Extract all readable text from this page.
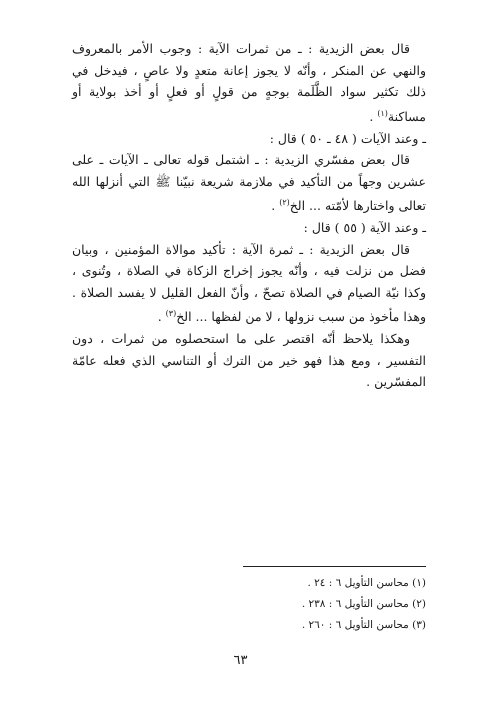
قال بعض الزيدية : ـ من ثمرات الآية : وجوب الأمر بالمعروف والنهي عن المنكر ، وأنّه لا يجوز إعانة متعدٍ ولا عاصٍ ، فيدخل في ذلك تكثير سواد الظَّلَمة بوجهٍ من قولٍ أو فعلٍ أو أخذ بولاية أو مساكنة$^{(١)}$ .

ـ وعند الآيات ( ٤٨ ـ ٥٠ ) قال :

قال بعض مفسّري الزيدية : ـ اشتمل قوله تعالى ـ الآيات ـ على عشرين وجهاً من التأكيد في ملازمة شريعة نبيّنا ﷺ التي أنزلها الله تعالى واختارها لأمّته ... الخ$^{(٢)}$ .

ـ وعند الآية ( ٥٥ ) قال :

قال بعض الزيدية : ـ ثمرة الآية : تأكيد موالاة المؤمنين ، وبيان فضل من نزلت فيه ، وأنّه يجوز إخراج الزكاة في الصلاة ، وتُنوى ، وكذا نيّة الصيام في الصلاة تصحّ ، وأنّ الفعل القليل لا يفسد الصلاة . وهذا مأخوذ من سبب نزولها ، لا من لفظها ... الخ$^{(٣)}$ .

وهكذا يلاحظ أنّه اقتصر على ما استحصلوه من ثمرات ، دون التفسير ، ومع هذا فهو خير من الترك أو التناسي الذي فعله عامّة المفسّرين .

(١) محاسن التأويل ٦ : ٢٤ .

(٢) محاسن التأويل ٦ : ٢٣٨ .

(٣) محاسن التأويل ٦ : ٢٦٠ .

٦٣
